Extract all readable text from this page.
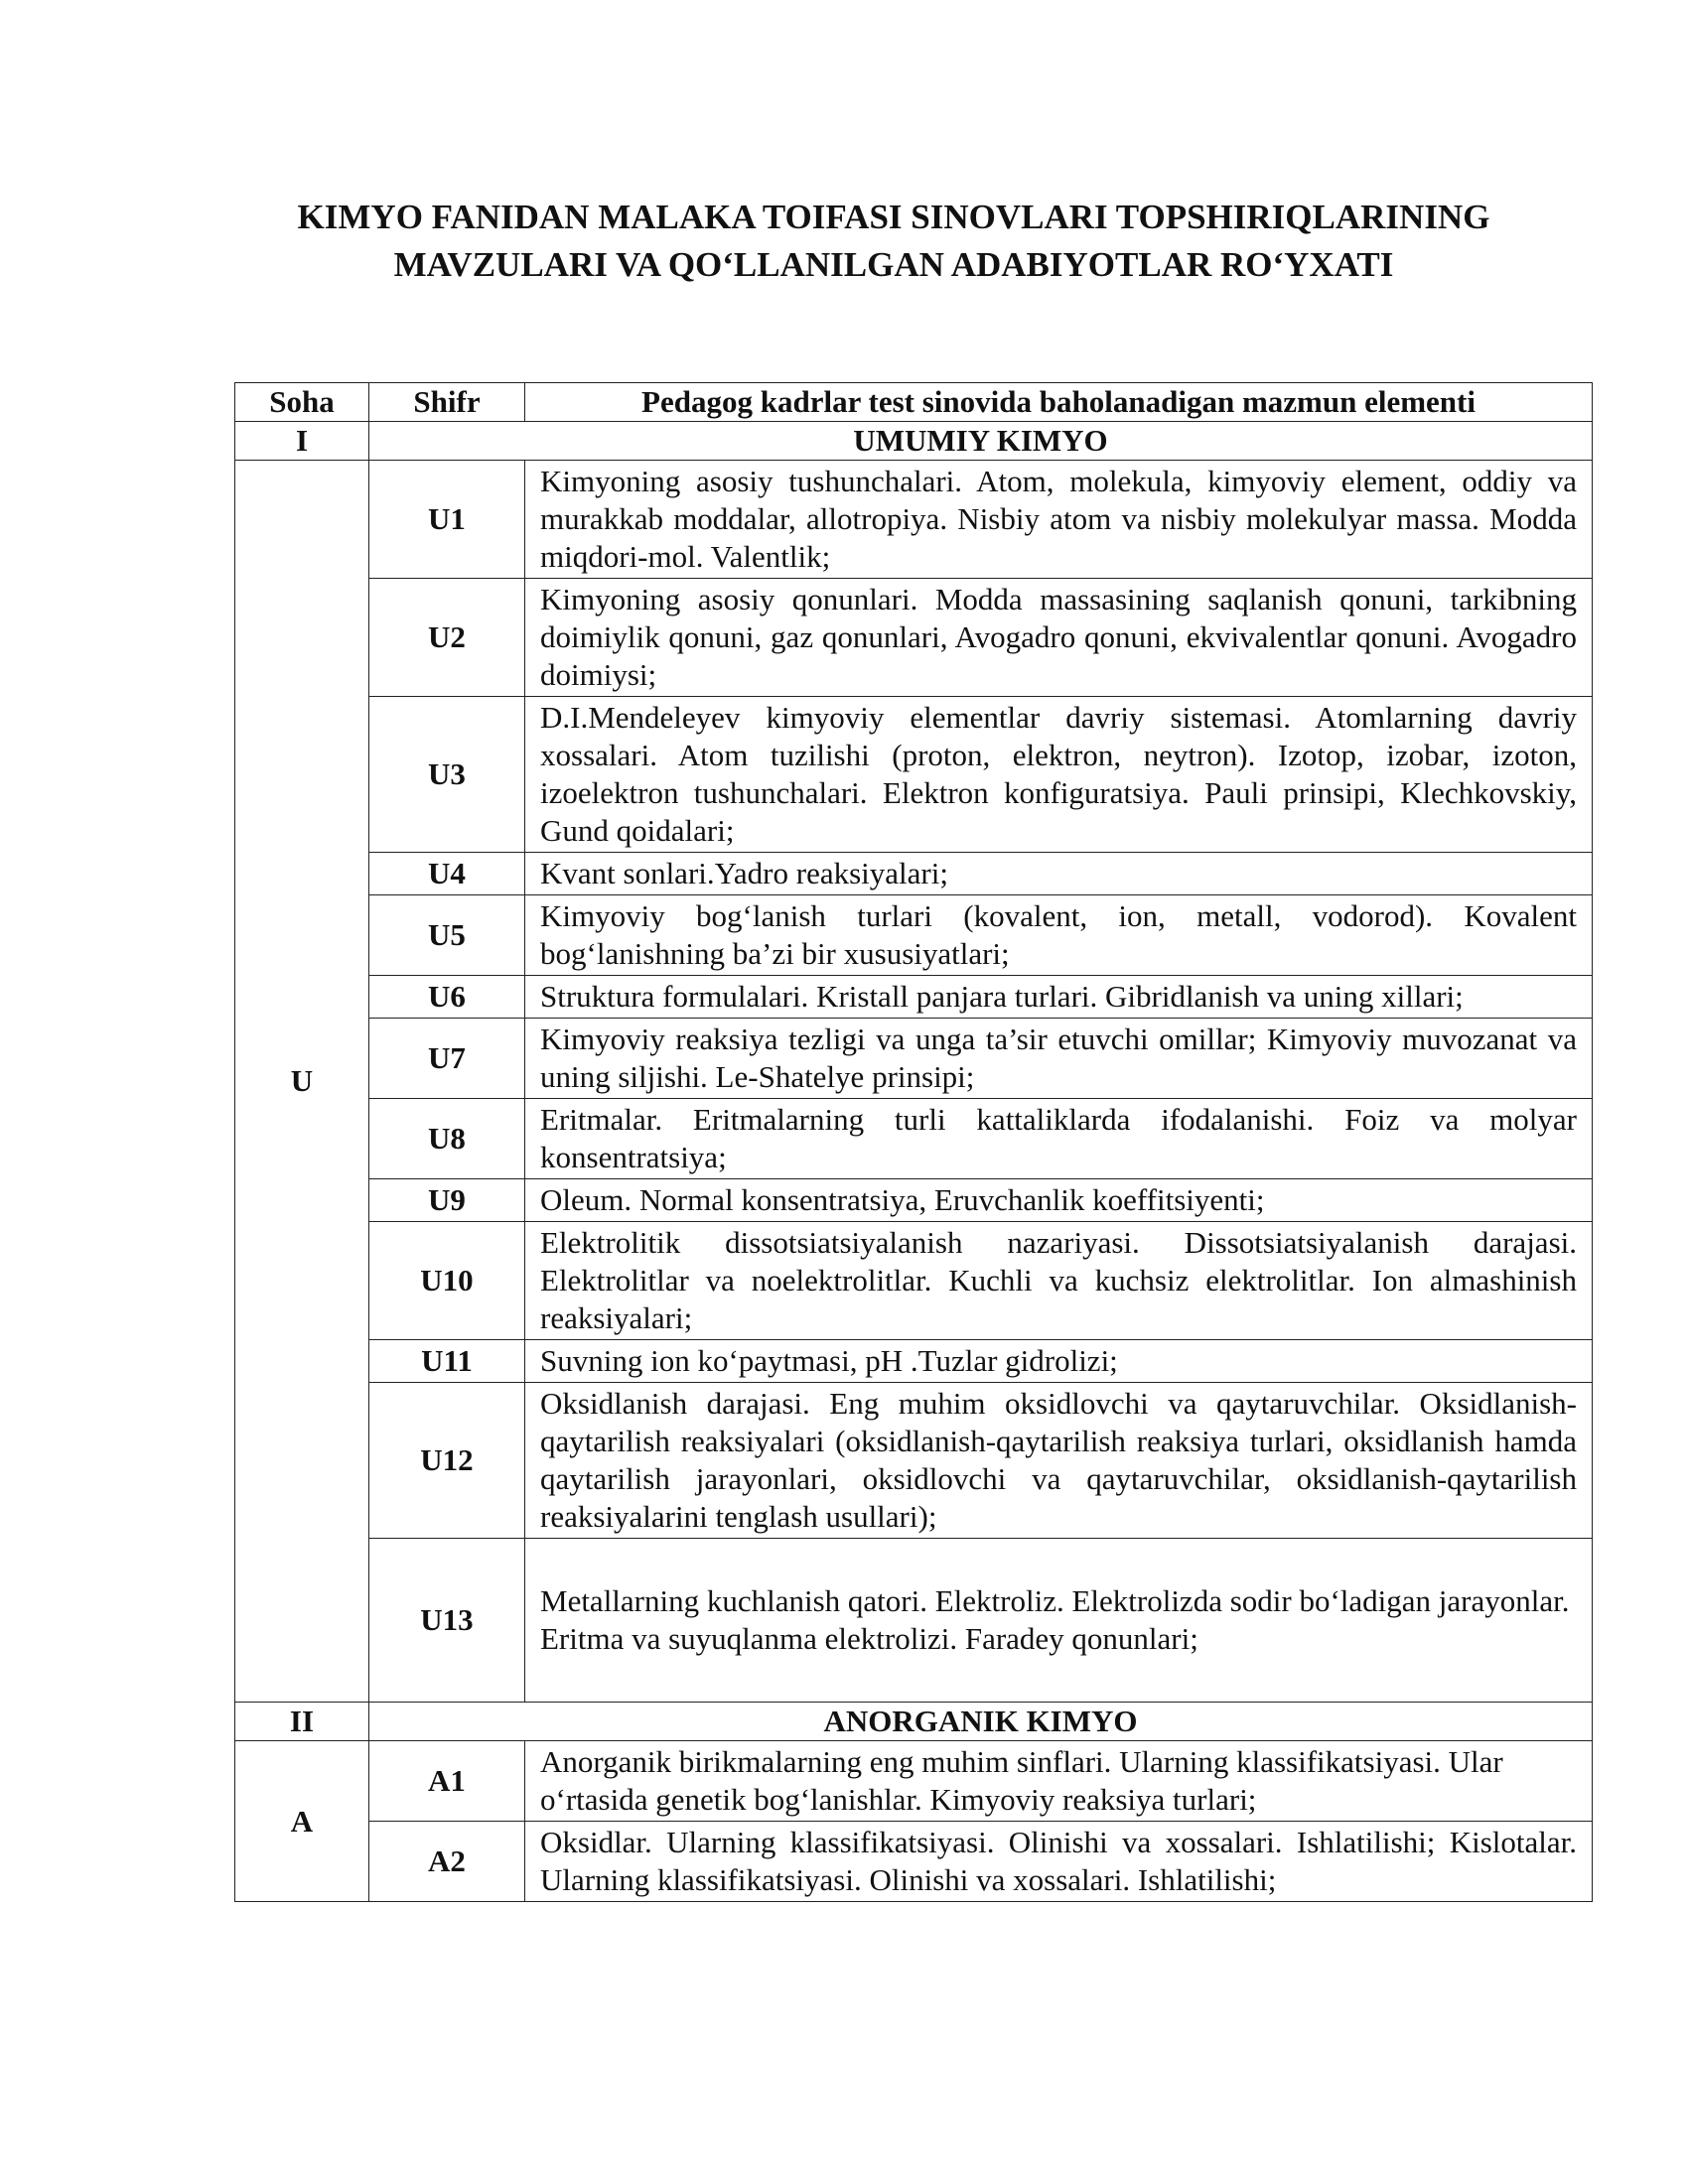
KIMYO FANIDAN MALAKA TOIFASI SINOVLARI TOPSHIRIQLARINING
MAVZULARI VA QO‘LLANILGAN ADABIYOTLAR RO‘YXATI
Soha	Shifr	Pedagog kadrlar test sinovida baholanadigan mazmun elementi
I	UMUMIY KIMYO	
U	U1	Kimyoning asosiy tushunchalari. Atom, molekula, kimyoviy element, oddiy va murakkab moddalar, allotropiya. Nisbiy atom va nisbiy molekulyar massa. Modda miqdori-mol. Valentlik;
	U2	Kimyoning asosiy qonunlari. Modda massasining saqlanish qonuni, tarkibning doimiylik qonuni, gaz qonunlari, Avogadro qonuni, ekvivalentlar qonuni. Avogadro doimiysi;
	U3	D.I.Mendeleyev kimyoviy elementlar davriy sistemasi. Atomlarning davriy xossalari. Atom tuzilishi (proton, elektron, neytron). Izotop, izobar, izoton, izoelektron tushunchalari. Elektron konfiguratsiya. Pauli prinsipi, Klechkovskiy, Gund qoidalari;
	U4	Kvant sonlari.Yadro reaksiyalari;
	U5	Kimyoviy bog‘lanish turlari (kovalent, ion, metall, vodorod). Kovalent bog‘lanishning ba’zi bir xususiyatlari;
	U6	Struktura formulalari. Kristall panjara turlari. Gibridlanish va uning xillari;
	U7	Kimyoviy reaksiya tezligi va unga ta’sir etuvchi omillar; Kimyoviy muvozanat va uning siljishi. Le-Shatelye prinsipi;
	U8	Eritmalar. Eritmalarning turli kattaliklarda ifodalanishi. Foiz va molyar konsentratsiya;
	U9	Oleum. Normal konsentratsiya, Eruvchanlik koeffitsiyenti;
	U10	Elektrolitik dissotsiatsiyalanish nazariyasi. Dissotsiatsiyalanish darajasi. Elektrolitlar va noelektrolitlar. Kuchli va kuchsiz elektrolitlar. Ion almashinish reaksiyalari;
	U11	Suvning ion ko‘paytmasi, pH .Tuzlar gidrolizi;
	U12	Oksidlanish darajasi. Eng muhim oksidlovchi va qaytaruvchilar. Oksidlanish-qaytarilish reaksiyalari (oksidlanish-qaytarilish reaksiya turlari, oksidlanish hamda qaytarilish jarayonlari, oksidlovchi va qaytaruvchilar, oksidlanish-qaytarilish reaksiyalarini tenglash usullari);
	U13	Metallarning kuchlanish qatori. Elektroliz. Elektrolizda sodir bo‘ladigan jarayonlar. Eritma va suyuqlanma elektrolizi. Faradey qonunlari;
II	ANORGANIK KIMYO	
A	A1	Anorganik birikmalarning eng muhim sinflari. Ularning klassifikatsiyasi. Ular o‘rtasida genetik bog‘lanishlar. Kimyoviy reaksiya turlari;
	A2	Oksidlar. Ularning klassifikatsiyasi. Olinishi va xossalari. Ishlatilishi; Kislotalar. Ularning klassifikatsiyasi. Olinishi va xossalari. Ishlatilishi;
